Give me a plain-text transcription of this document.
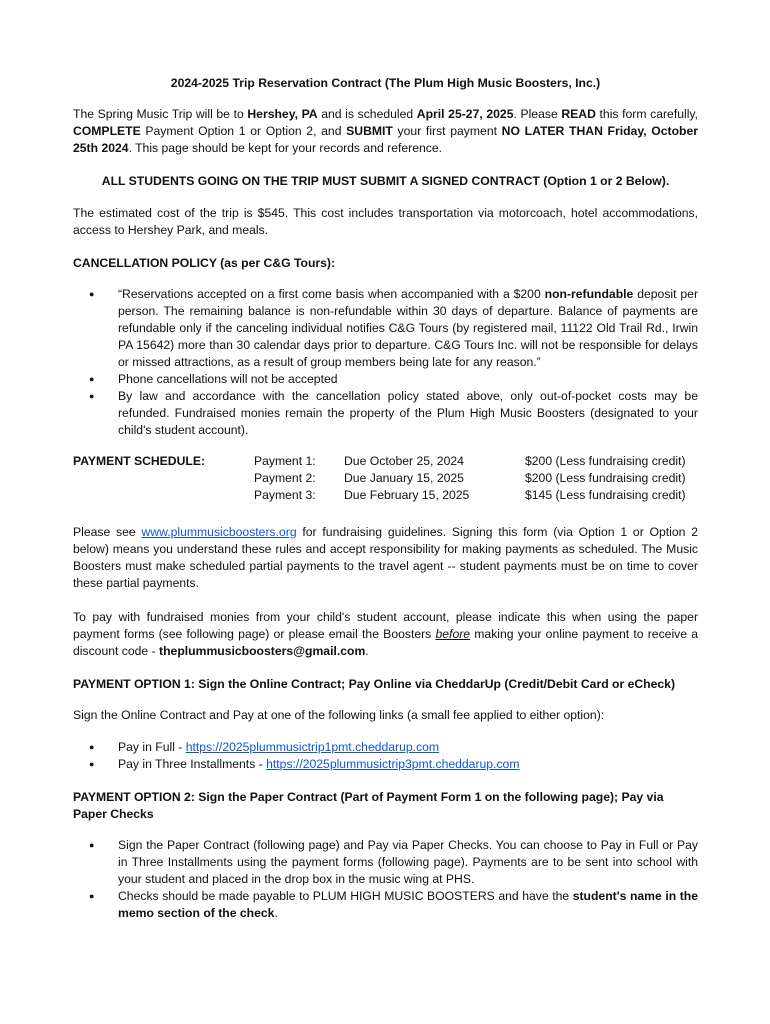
2024-2025 Trip Reservation Contract (The Plum High Music Boosters, Inc.)

The Spring Music Trip will be to Hershey, PA and is scheduled April 25-27, 2025. Please READ this form carefully, COMPLETE Payment Option 1 or Option 2, and SUBMIT your first payment NO LATER THAN Friday, October 25th 2024. This page should be kept for your records and reference.

ALL STUDENTS GOING ON THE TRIP MUST SUBMIT A SIGNED CONTRACT (Option 1 or 2 Below).

The estimated cost of the trip is $545. This cost includes transportation via motorcoach, hotel accommodations, access to Hershey Park, and meals.

CANCELLATION POLICY (as per C&G Tours):

● “Reservations accepted on a first come basis when accompanied with a $200 non-refundable deposit per person. The remaining balance is non-refundable within 30 days of departure. Balance of payments are refundable only if the canceling individual notifies C&G Tours (by registered mail, 11122 Old Trail Rd., Irwin PA 15642) more than 30 calendar days prior to departure. C&G Tours Inc. will not be responsible for delays or missed attractions, as a result of group members being late for any reason.”
● Phone cancellations will not be accepted
● By law and accordance with the cancellation policy stated above, only out-of-pocket costs may be refunded. Fundraised monies remain the property of the Plum High Music Boosters (designated to your child's student account).
PAYMENT SCHEDULE:	Payment 1: Due October 25, 2024	$200 (Less fundraising credit)
Payment 2: Due January 15, 2025	$200 (Less fundraising credit)
Payment 3: Due February 15, 2025	$145 (Less fundraising credit)

Please see www.plummusicboosters.org for fundraising guidelines. Signing this form (via Option 1 or Option 2 below) means you understand these rules and accept responsibility for making payments as scheduled. The Music Boosters must make scheduled partial payments to the travel agent -- student payments must be on time to cover these partial payments.

To pay with fundraised monies from your child's student account, please indicate this when using the paper payment forms (see following page) or please email the Boosters before making your online payment to receive a discount code - theplummusicboosters@gmail.com.

PAYMENT OPTION 1: Sign the Online Contract; Pay Online via CheddarUp (Credit/Debit Card or eCheck)

Sign the Online Contract and Pay at one of the following links (a small fee applied to either option):

● Pay in Full - https://2025plummusictrip1pmt.cheddarup.com
● Pay in Three Installments - https://2025plummusictrip3pmt.cheddarup.com

PAYMENT OPTION 2: Sign the Paper Contract (Part of Payment Form 1 on the following page); Pay via Paper Checks

● Sign the Paper Contract (following page) and Pay via Paper Checks. You can choose to Pay in Full or Pay in Three Installments using the payment forms (following page). Payments are to be sent into school with your student and placed in the drop box in the music wing at PHS.
● Checks should be made payable to PLUM HIGH MUSIC BOOSTERS and have the student's name in the memo section of the check.
